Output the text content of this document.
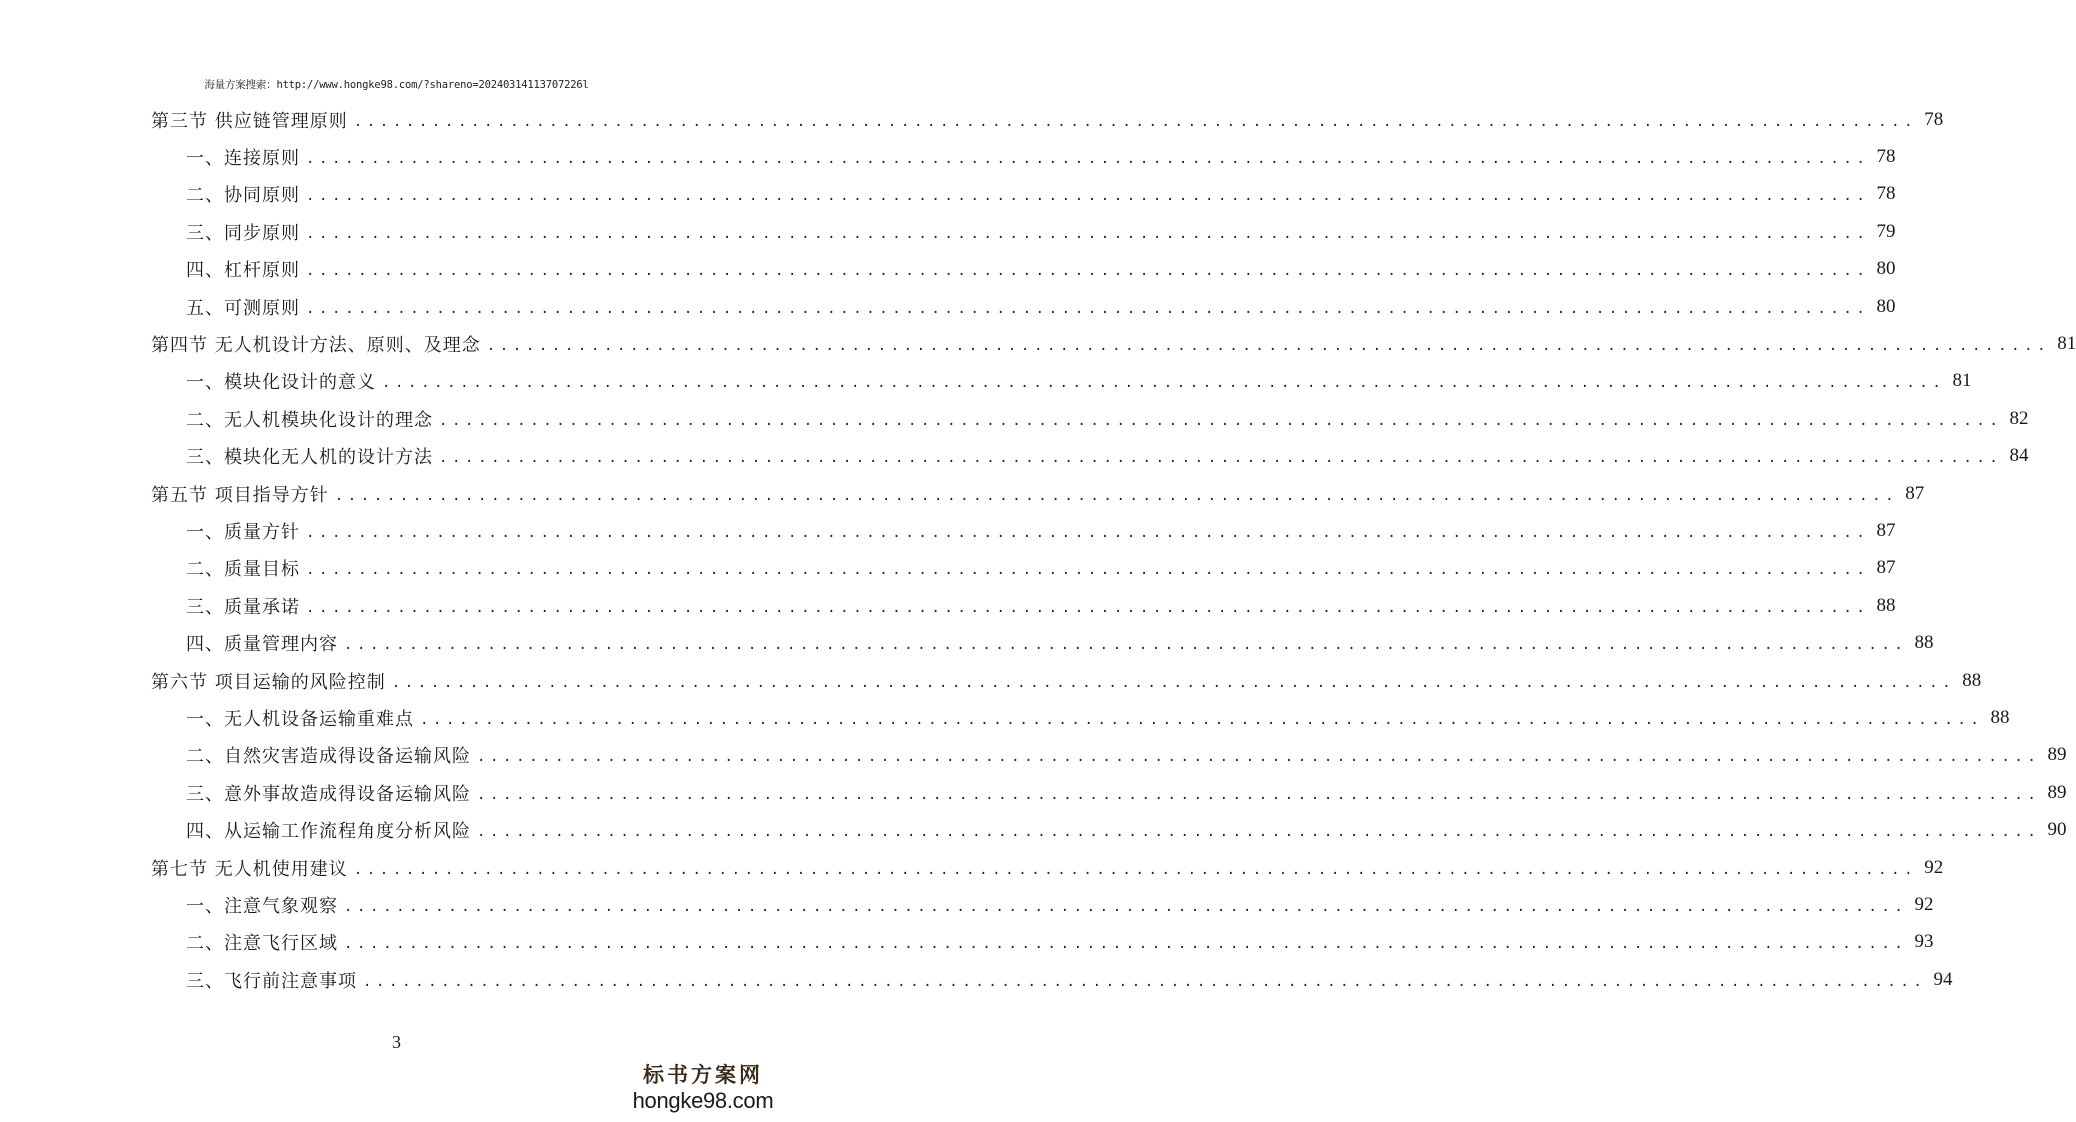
海量方案搜索：http://www.hongke98.com/?shareno=20240314113707226l
第三节 供应链管理原则 ........................................................................................................................ 78
一、连接原则 ........................................................................................................................ 78
二、协同原则 ........................................................................................................................ 78
三、同步原则 ........................................................................................................................ 79
四、杠杆原则 ........................................................................................................................ 80
五、可测原则 ........................................................................................................................ 80
第四节 无人机设计方法、原则、及理念 ........................................................................................................................ 81
一、模块化设计的意义 ........................................................................................................................ 81
二、无人机模块化设计的理念 ........................................................................................................................ 82
三、模块化无人机的设计方法 ........................................................................................................................ 84
第五节 项目指导方针 ........................................................................................................................ 87
一、质量方针 ........................................................................................................................ 87
二、质量目标 ........................................................................................................................ 87
三、质量承诺 ........................................................................................................................ 88
四、质量管理内容 ........................................................................................................................ 88
第六节 项目运输的风险控制 ........................................................................................................................ 88
一、无人机设备运输重难点 ........................................................................................................................ 88
二、自然灾害造成得设备运输风险 ........................................................................................................................ 89
三、意外事故造成得设备运输风险 ........................................................................................................................ 89
四、从运输工作流程角度分析风险 ........................................................................................................................ 90
第七节 无人机使用建议 ........................................................................................................................ 92
一、注意气象观察 ........................................................................................................................ 92
二、注意飞行区域 ........................................................................................................................ 93
三、飞行前注意事项 ........................................................................................................................ 94
3
标书方案网
hongke98.com
